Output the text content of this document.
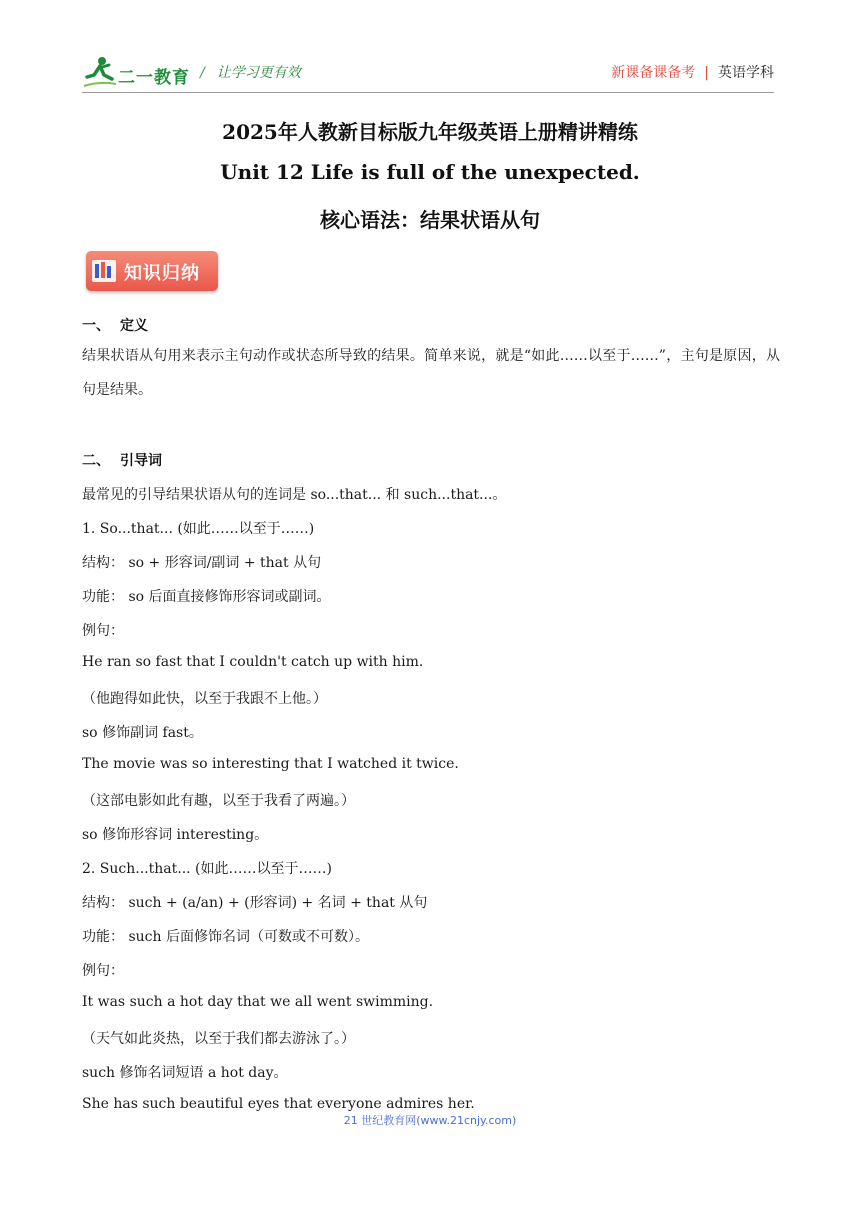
二一教育 / 让学习更有效	新课备课备考 | 英语学科
2025年人教新目标版九年级英语上册精讲精练
Unit 12 Life is full of the unexpected.
核心语法：结果状语从句
知识归纳
一、 定义
结果状语从句用来表示主句动作或状态所导致的结果。简单来说，就是“如此……以至于……”，主句是原因，从句是结果。
二、 引导词
最常见的引导结果状语从句的连词是 so...that... 和 such...that...。
1. So...that... (如此……以至于……)
结构： so + 形容词/副词 + that 从句
功能： so 后面直接修饰形容词或副词。
例句：
He ran so fast that I couldn't catch up with him.
（他跑得如此快，以至于我跟不上他。）
so 修饰副词 fast。
The movie was so interesting that I watched it twice.
（这部电影如此有趣，以至于我看了两遍。）
so 修饰形容词 interesting。
2. Such...that... (如此……以至于……)
结构： such + (a/an) + (形容词) + 名词 + that 从句
功能： such 后面修饰名词（可数或不可数）。
例句：
It was such a hot day that we all went swimming.
（天气如此炎热，以至于我们都去游泳了。）
such 修饰名词短语 a hot day。
She has such beautiful eyes that everyone admires her.
21 世纪教育网(www.21cnjy.com)
